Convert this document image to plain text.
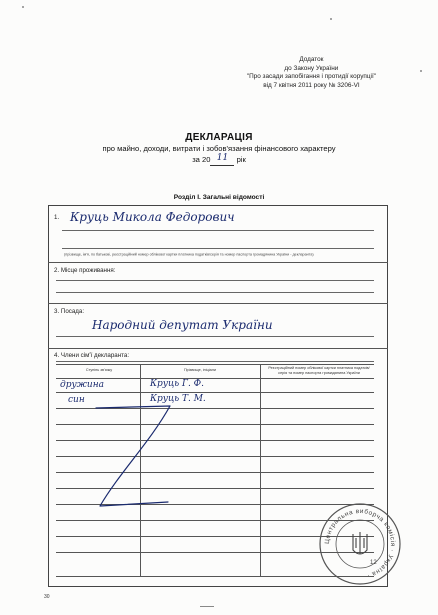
Додаток
до Закону України
"Про засади запобігання і протидії корупції"
від 7 квітня 2011 року № 3206-VI
ДЕКЛАРАЦІЯ
про майно, доходи, витрати і зобов'язання фінансового характеру
за 20 11 рік
Розділ І. Загальні відомості
1. Круць Микола Федорович
(прізвище, ім'я, по батькові, реєстраційний номер облікової картки платника податків/серія та номер паспорта громадянина України - декларанта)
2. Місце проживання:
3. Посада:
Народний депутат України
4. Члени сім'ї декларанта:
Ступінь зв'язку	Прізвище, ініціали	Реєстраційний номер облікової картки платника податків/ серія та номер паспорта громадянина України
дружина	Круць Г. Ф.
син	Круць Т. М.
Центральна виборча комісія · Україна ·
12
30
